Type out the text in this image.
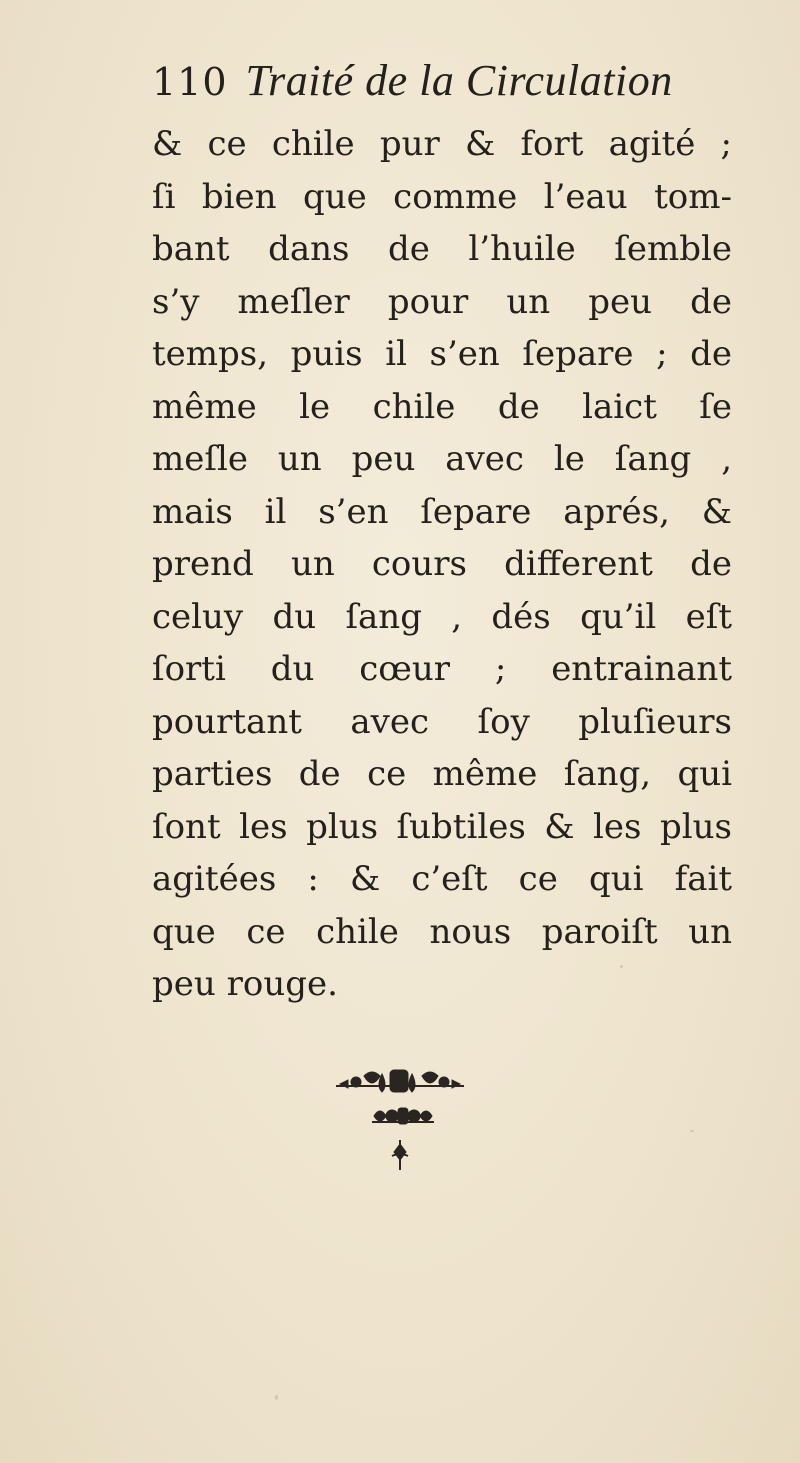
110 Traité de la Circulation
& ce chile pur & fort agité ;
ſi bien que comme l’eau tom-
bant dans de l’huile ſemble
s’y meſler pour un peu de
temps, puis il s’en ſepare ; de
même le chile de laict ſe
meſle un peu avec le ſang ,
mais il s’en ſepare aprés, &
prend un cours different de
celuy du ſang , dés qu’il eſt
ſorti du cœur ; entrainant
pourtant avec ſoy pluſieurs
parties de ce même ſang, qui
ſont les plus ſubtiles & les plus
agitées : & c’eſt ce qui fait
que ce chile nous paroiſt un
peu rouge.
